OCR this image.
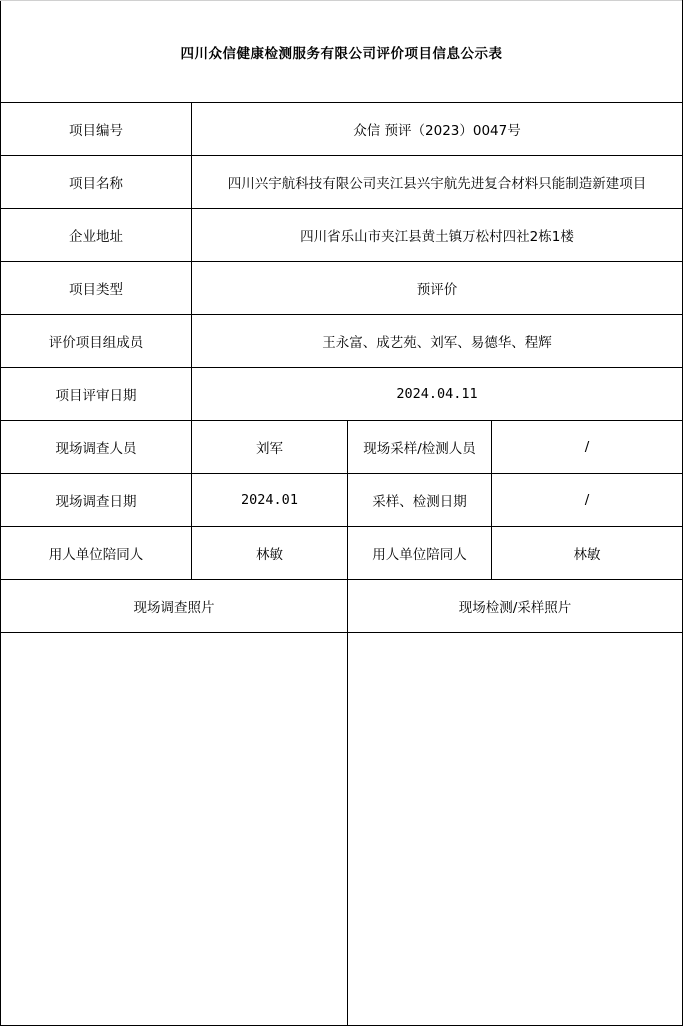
四川众信健康检测服务有限公司评价项目信息公示表			
项目编号	众信 预评（2023）0047号		
项目名称	四川兴宇航科技有限公司夹江县兴宇航先进复合材料只能制造新建项目		
企业地址	四川省乐山市夹江县黄土镇万松村四社2栋1楼		
项目类型	预评价		
评价项目组成员	王永富、成艺苑、刘军、易德华、程辉		
项目评审日期	2024.04.11		
现场调查人员	刘军	现场采样/检测人员	/
现场调查日期	2024.01	采样、检测日期	/
用人单位陪同人	林敏	用人单位陪同人	林敏
现场调查照片		现场检测/采样照片	
